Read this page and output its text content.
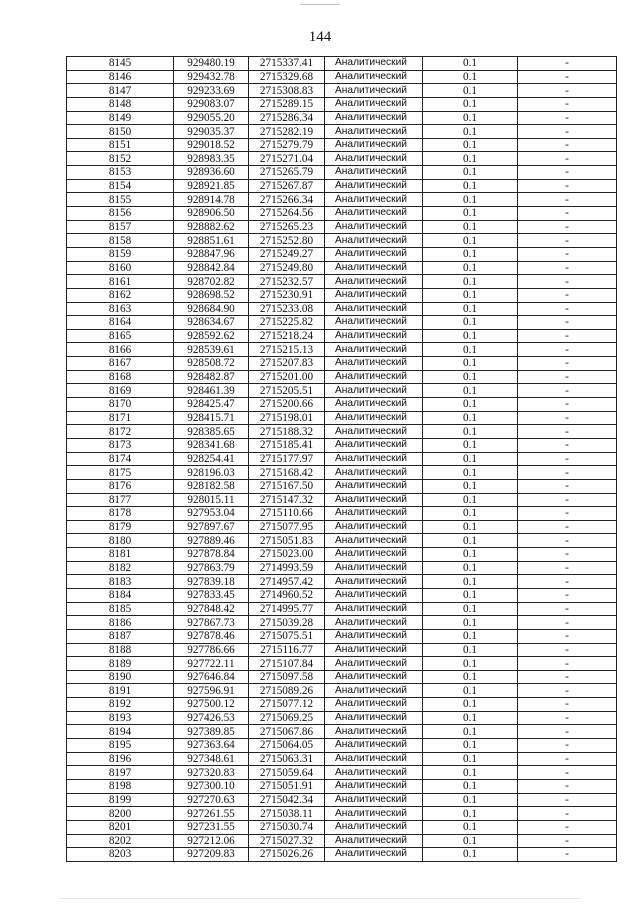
144
8145	929480.19	2715337.41	Аналитический	0.1	-
8146	929432.78	2715329.68	Аналитический	0.1	-
8147	929233.69	2715308.83	Аналитический	0.1	-
8148	929083.07	2715289.15	Аналитический	0.1	-
8149	929055.20	2715286.34	Аналитический	0.1	-
8150	929035.37	2715282.19	Аналитический	0.1	-
8151	929018.52	2715279.79	Аналитический	0.1	-
8152	928983.35	2715271.04	Аналитический	0.1	-
8153	928936.60	2715265.79	Аналитический	0.1	-
8154	928921.85	2715267.87	Аналитический	0.1	-
8155	928914.78	2715266.34	Аналитический	0.1	-
8156	928906.50	2715264.56	Аналитический	0.1	-
8157	928882.62	2715265.23	Аналитический	0.1	-
8158	928851.61	2715252.80	Аналитический	0.1	-
8159	928847.96	2715249.27	Аналитический	0.1	-
8160	928842.84	2715249.80	Аналитический	0.1	-
8161	928702.82	2715232.57	Аналитический	0.1	-
8162	928698.52	2715230.91	Аналитический	0.1	-
8163	928684.90	2715233.08	Аналитический	0.1	-
8164	928634.67	2715225.82	Аналитический	0.1	-
8165	928592.62	2715218.24	Аналитический	0.1	-
8166	928539.61	2715215.13	Аналитический	0.1	-
8167	928508.72	2715207.83	Аналитический	0.1	-
8168	928482.87	2715201.00	Аналитический	0.1	-
8169	928461.39	2715205.51	Аналитический	0.1	-
8170	928425.47	2715200.66	Аналитический	0.1	-
8171	928415.71	2715198.01	Аналитический	0.1	-
8172	928385.65	2715188.32	Аналитический	0.1	-
8173	928341.68	2715185.41	Аналитический	0.1	-
8174	928254.41	2715177.97	Аналитический	0.1	-
8175	928196.03	2715168.42	Аналитический	0.1	-
8176	928182.58	2715167.50	Аналитический	0.1	-
8177	928015.11	2715147.32	Аналитический	0.1	-
8178	927953.04	2715110.66	Аналитический	0.1	-
8179	927897.67	2715077.95	Аналитический	0.1	-
8180	927889.46	2715051.83	Аналитический	0.1	-
8181	927878.84	2715023.00	Аналитический	0.1	-
8182	927863.79	2714993.59	Аналитический	0.1	-
8183	927839.18	2714957.42	Аналитический	0.1	-
8184	927833.45	2714960.52	Аналитический	0.1	-
8185	927848.42	2714995.77	Аналитический	0.1	-
8186	927867.73	2715039.28	Аналитический	0.1	-
8187	927878.46	2715075.51	Аналитический	0.1	-
8188	927786.66	2715116.77	Аналитический	0.1	-
8189	927722.11	2715107.84	Аналитический	0.1	-
8190	927646.84	2715097.58	Аналитический	0.1	-
8191	927596.91	2715089.26	Аналитический	0.1	-
8192	927500.12	2715077.12	Аналитический	0.1	-
8193	927426.53	2715069.25	Аналитический	0.1	-
8194	927389.85	2715067.86	Аналитический	0.1	-
8195	927363.64	2715064.05	Аналитический	0.1	-
8196	927348.61	2715063.31	Аналитический	0.1	-
8197	927320.83	2715059.64	Аналитический	0.1	-
8198	927300.10	2715051.91	Аналитический	0.1	-
8199	927270.63	2715042.34	Аналитический	0.1	-
8200	927261.55	2715038.11	Аналитический	0.1	-
8201	927231.55	2715030.74	Аналитический	0.1	-
8202	927212.06	2715027.32	Аналитический	0.1	-
8203	927209.83	2715026.26	Аналитический	0.1	-
